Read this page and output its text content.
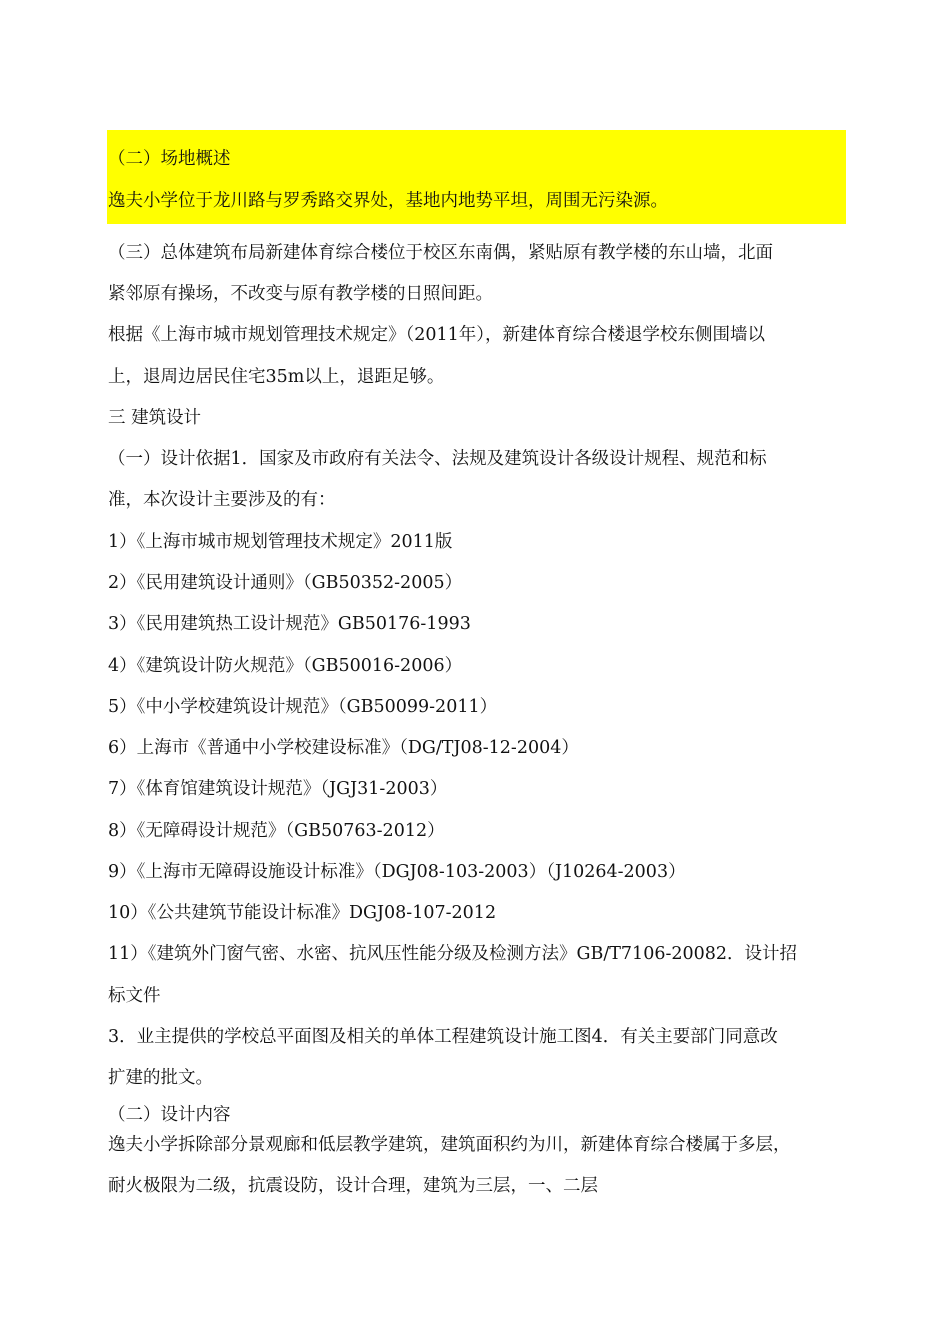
（二）场地概述
逸夫小学位于龙川路与罗秀路交界处，基地内地势平坦，周围无污染源。
（三）总体建筑布局新建体育综合楼位于校区东南偶，紧贴原有教学楼的东山墙，北面
紧邻原有操场，不改变与原有教学楼的日照间距。
根据《上海市城市规划管理技术规定》（2011年），新建体育综合楼退学校东侧围墙以
上，退周边居民住宅35m以上，退距足够。
三 建筑设计
（一）设计依据1．国家及市政府有关法令、法规及建筑设计各级设计规程、规范和标
准，本次设计主要涉及的有：
1）《上海市城市规划管理技术规定》2011版
2）《民用建筑设计通则》（GB50352-2005）
3）《民用建筑热工设计规范》GB50176-1993
4）《建筑设计防火规范》（GB50016-2006）
5）《中小学校建筑设计规范》（GB50099-2011）
6）上海市《普通中小学校建设标准》（DG/TJ08-12-2004）
7）《体育馆建筑设计规范》（JGJ31-2003）
8）《无障碍设计规范》（GB50763-2012）
9）《上海市无障碍设施设计标准》（DGJ08-103-2003）（J10264-2003）
10）《公共建筑节能设计标准》DGJ08-107-2012
11）《建筑外门窗气密、水密、抗风压性能分级及检测方法》GB/T7106-20082．设计招
标文件
3．业主提供的学校总平面图及相关的单体工程建筑设计施工图4．有关主要部门同意改
扩建的批文。
（二）设计内容
逸夫小学拆除部分景观廊和低层教学建筑，建筑面积约为川，新建体育综合楼属于多层，
耐火极限为二级，抗震设防，设计合理，建筑为三层，一、二层
